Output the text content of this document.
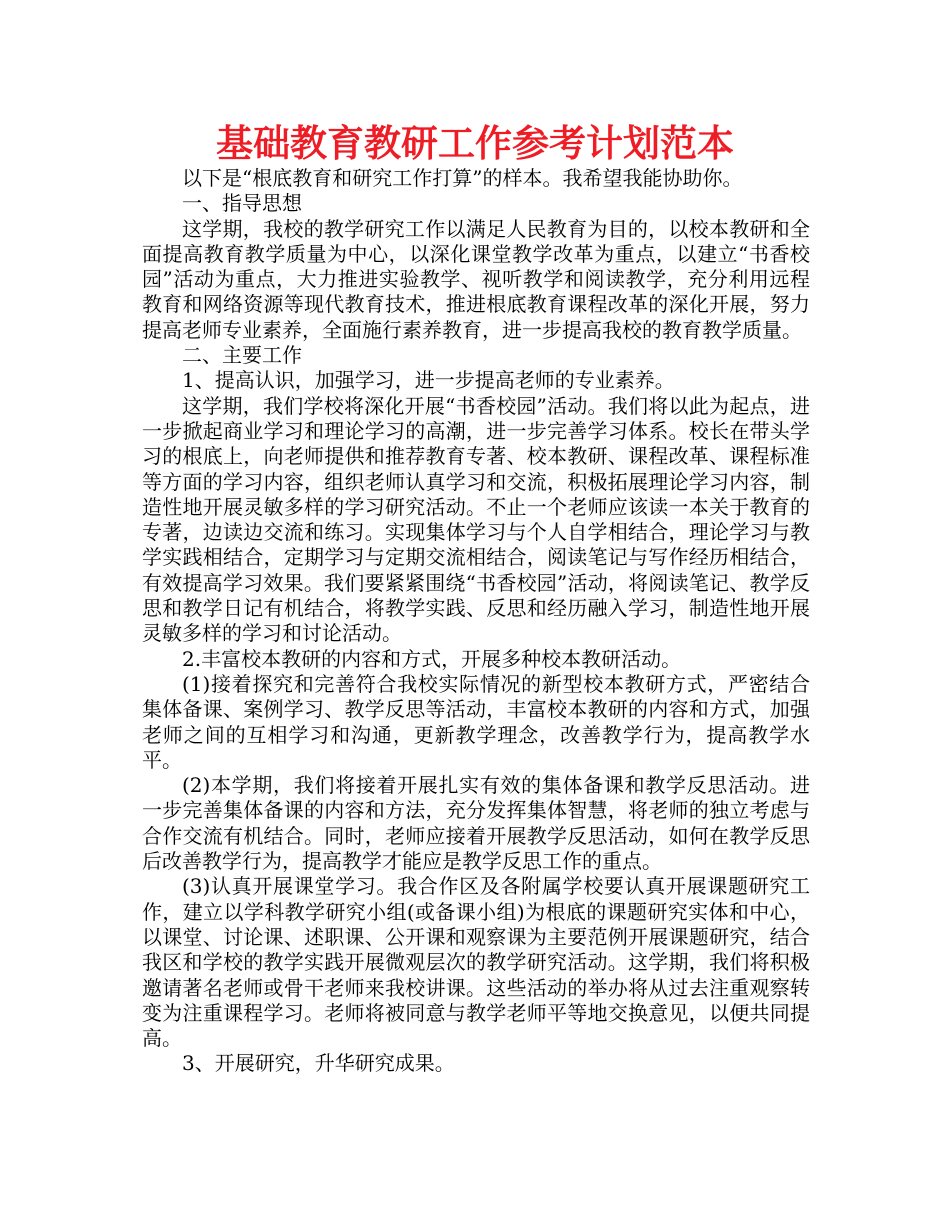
基础教育教研工作参考计划范本

以下是“根底教育和研究工作打算”的样本。我希望我能协助你。

一、指导思想

这学期，我校的教学研究工作以满足人民教育为目的，以校本教研和全面提高教育教学质量为中心，以深化课堂教学改革为重点，以建立“书香校园”活动为重点，大力推进实验教学、视听教学和阅读教学，充分利用远程教育和网络资源等现代教育技术，推进根底教育课程改革的深化开展，努力提高老师专业素养，全面施行素养教育，进一步提高我校的教育教学质量。

二、主要工作

1、提高认识，加强学习，进一步提高老师的专业素养。

这学期，我们学校将深化开展“书香校园”活动。我们将以此为起点，进一步掀起商业学习和理论学习的高潮，进一步完善学习体系。校长在带头学习的根底上，向老师提供和推荐教育专著、校本教研、课程改革、课程标准等方面的学习内容，组织老师认真学习和交流，积极拓展理论学习内容，制造性地开展灵敏多样的学习研究活动。不止一个老师应该读一本关于教育的专著，边读边交流和练习。实现集体学习与个人自学相结合，理论学习与教学实践相结合，定期学习与定期交流相结合，阅读笔记与写作经历相结合，有效提高学习效果。我们要紧紧围绕“书香校园”活动，将阅读笔记、教学反思和教学日记有机结合，将教学实践、反思和经历融入学习，制造性地开展灵敏多样的学习和讨论活动。

2.丰富校本教研的内容和方式，开展多种校本教研活动。

(1)接着探究和完善符合我校实际情况的新型校本教研方式，严密结合集体备课、案例学习、教学反思等活动，丰富校本教研的内容和方式，加强老师之间的互相学习和沟通，更新教学理念，改善教学行为，提高教学水平。

(2)本学期，我们将接着开展扎实有效的集体备课和教学反思活动。进一步完善集体备课的内容和方法，充分发挥集体智慧，将老师的独立考虑与合作交流有机结合。同时，老师应接着开展教学反思活动，如何在教学反思后改善教学行为，提高教学才能应是教学反思工作的重点。

(3)认真开展课堂学习。我合作区及各附属学校要认真开展课题研究工作，建立以学科教学研究小组(或备课小组)为根底的课题研究实体和中心，以课堂、讨论课、述职课、公开课和观察课为主要范例开展课题研究，结合我区和学校的教学实践开展微观层次的教学研究活动。这学期，我们将积极邀请著名老师或骨干老师来我校讲课。这些活动的举办将从过去注重观察转变为注重课程学习。老师将被同意与教学老师平等地交换意见，以便共同提高。

3、开展研究，升华研究成果。
